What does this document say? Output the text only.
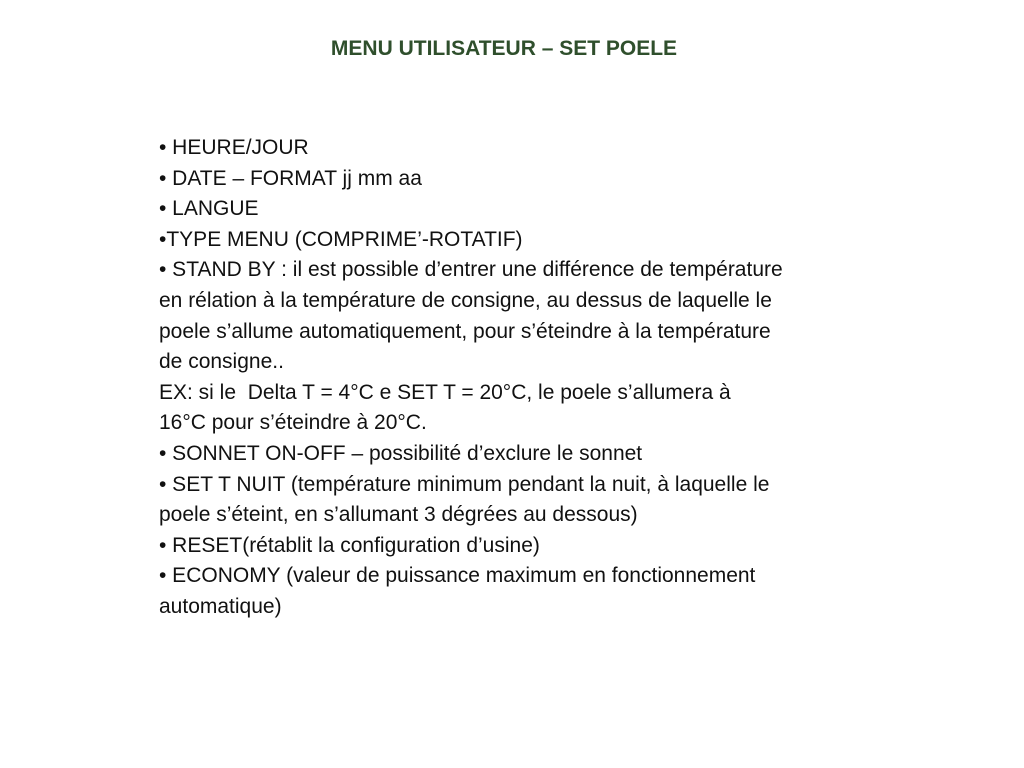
MENU UTILISATEUR – SET POELE

• HEURE/JOUR

• DATE – FORMAT jj mm aa

• LANGUE

•TYPE MENU (COMPRIME’-ROTATIF)

• STAND BY : il est possible d’entrer une différence de température

en rélation à la température de consigne, au dessus de laquelle le

poele s’allume automatiquement, pour s’éteindre à la température

de consigne..

EX: si le  Delta T = 4°C e SET T = 20°C, le poele s’allumera à

16°C pour s’éteindre à 20°C.

• SONNET ON-OFF – possibilité d’exclure le sonnet

• SET T NUIT (température minimum pendant la nuit, à laquelle le

poele s’éteint, en s’allumant 3 dégrées au dessous)

• RESET(rétablit la configuration d’usine)

• ECONOMY (valeur de puissance maximum en fonctionnement

automatique)
